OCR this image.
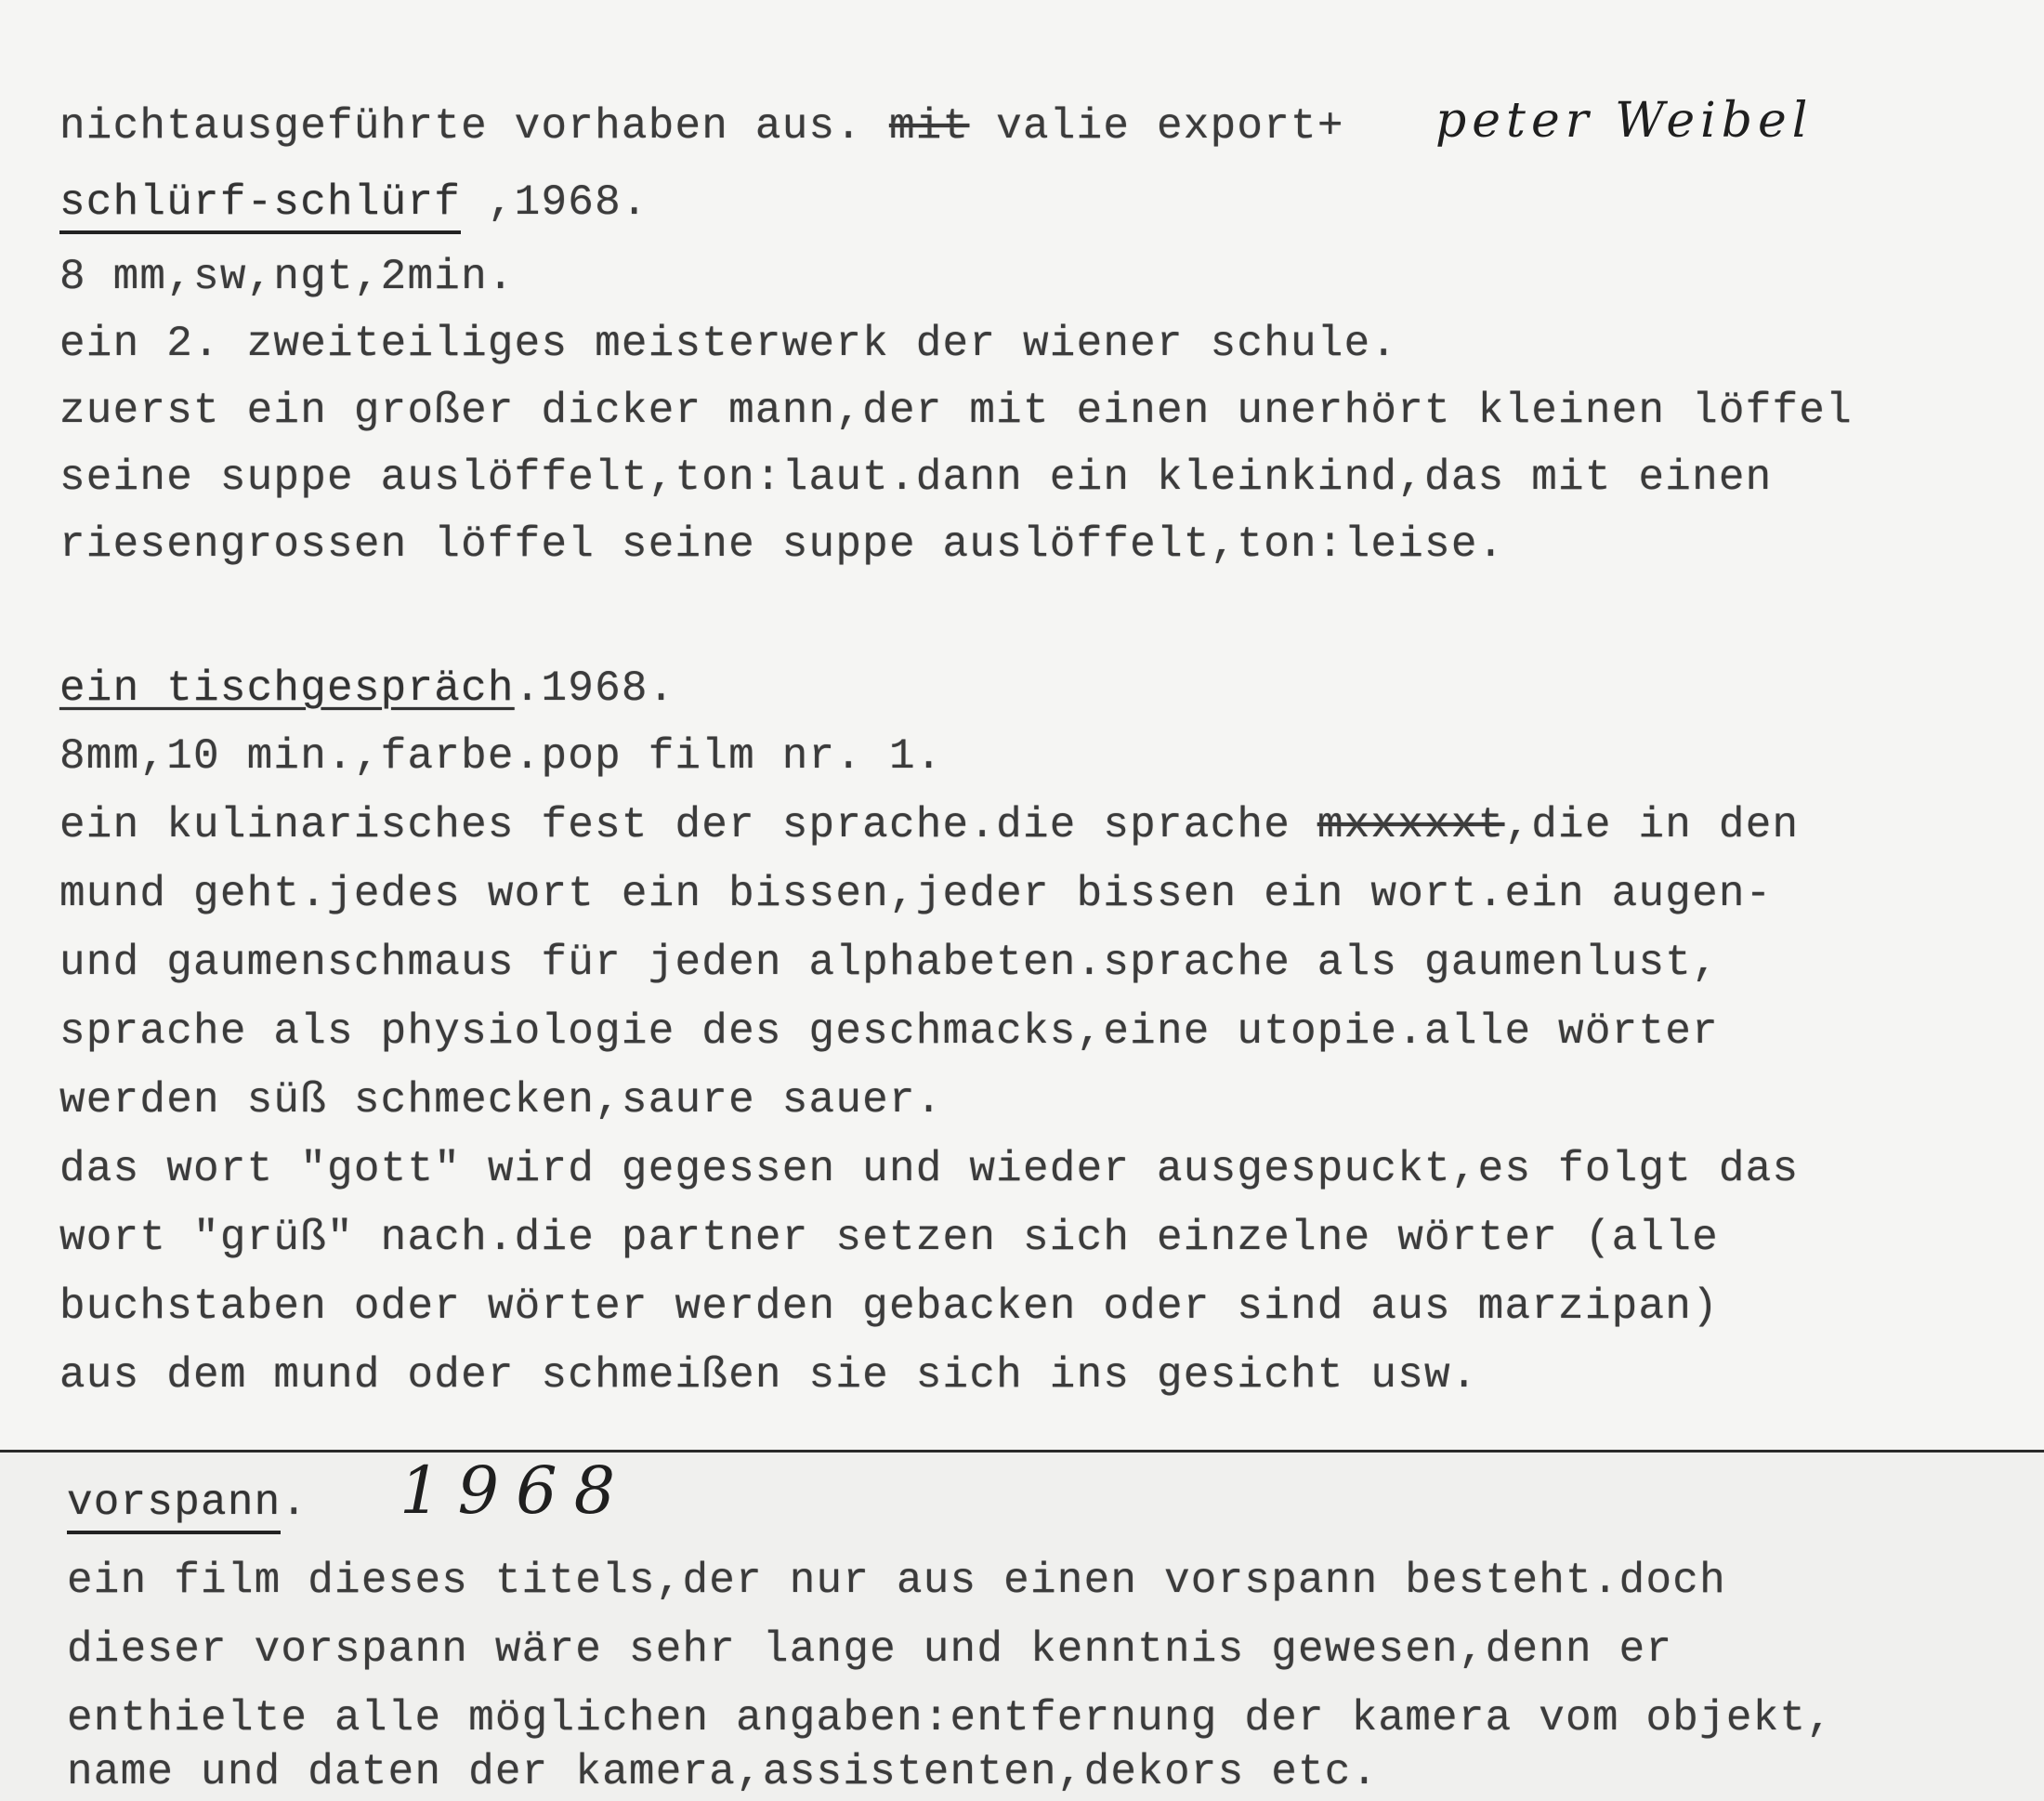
nichtausgeführte vorhaben aus. mit valie export+ peter Weibel
schlürf-schlürf ,1968.
8 mm,sw,ngt,2min.
ein 2. zweiteiliges meisterwerk der wiener schule.
zuerst ein großer dicker mann,der mit einen unerhört kleinen löffel
seine suppe auslöffelt,ton:laut.dann ein kleinkind,das mit einen
riesengrossen löffel seine suppe auslöffelt,ton:leise.
ein tischgespräch.1968.
8mm,10 min.,farbe.pop film nr. 1.
ein kulinarisches fest der sprache.die sprache mxxxxxt,die in den
mund geht.jedes wort ein bissen,jeder bissen ein wort.ein augen-
und gaumenschmaus für jeden alphabeten.sprache als gaumenlust,
sprache als physiologie des geschmacks,eine utopie.alle wörter
werden süß schmecken,saure sauer.
das wort "gott" wird gegessen und wieder ausgespuckt,es folgt das
wort "grüß" nach.die partner setzen sich einzelne wörter (alle
buchstaben oder wörter werden gebacken oder sind aus marzipan)
aus dem mund oder schmeißen sie sich ins gesicht usw.
vorspann. 1968
ein film dieses titels,der nur aus einen vorspann besteht.doch
dieser vorspann wäre sehr lange und kenntnis gewesen,denn er
enthielte alle möglichen angaben:entfernung der kamera vom objekt,
name und daten der kamera,assistenten,dekors etc.
